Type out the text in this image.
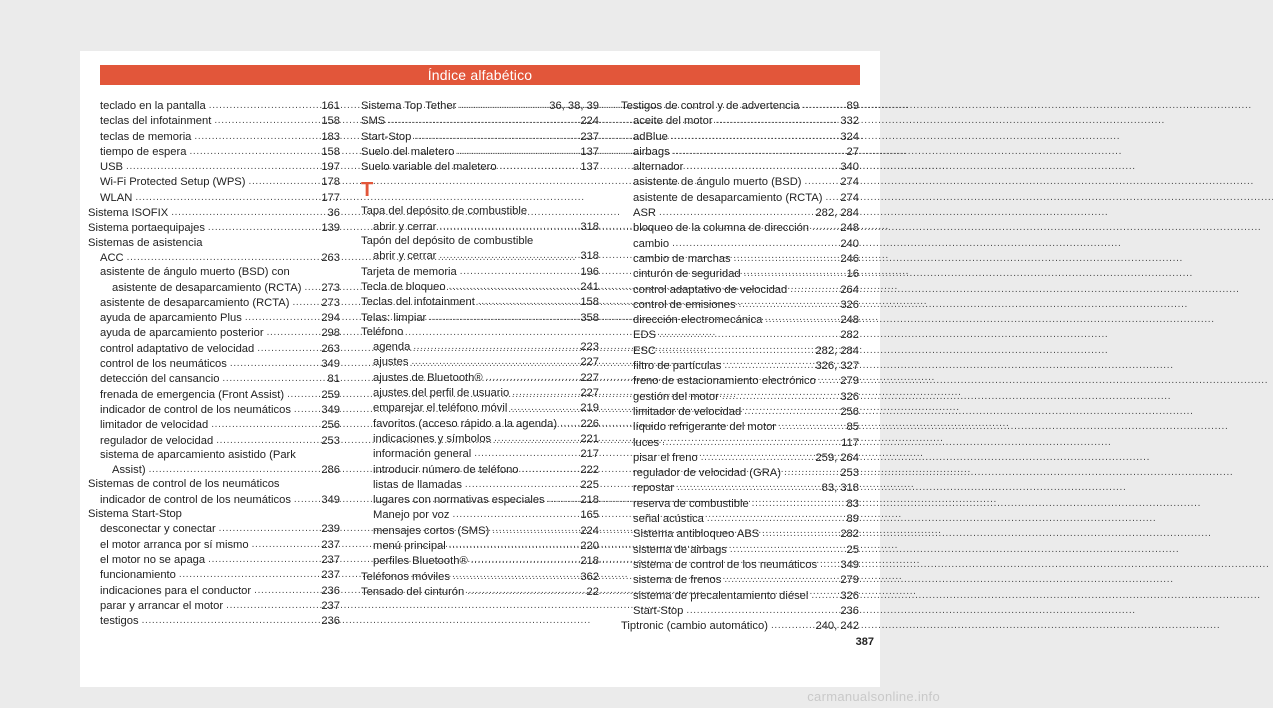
Índice alfabético
teclado en la pantalla . . .	161
teclas del infotainment . . .	158
teclas de memoria . . .	183
tiempo de espera . . .	158
USB . . .	197
Wi-Fi Protected Setup (WPS) . . .	178
WLAN . . .	177
Sistema ISOFIX . . .	36
Sistema portaequipajes . . .	139
Sistemas de asistencia
ACC . . .	263
asistente de ángulo muerto (BSD) con
asistente de desaparcamiento (RCTA) . . . 273
asistente de desaparcamiento (RCTA) . . .	273
ayuda de aparcamiento Plus . . .	294
ayuda de aparcamiento posterior . . .	298
control adaptativo de velocidad . . .	263
control de los neumáticos . . .	349
detección del cansancio . . .	81
frenada de emergencia (Front Assist) . . .	259
indicador de control de los neumáticos . . .	349
limitador de velocidad . . .	256
regulador de velocidad . . .	253
sistema de aparcamiento asistido (Park
Assist) . . .	286
Sistemas de control de los neumáticos
indicador de control de los neumáticos . . .	349
Sistema Start-Stop
desconectar y conectar . . .	239
el motor arranca por sí mismo . . .	237
el motor no se apaga . . .	237
funcionamiento . . .	237
indicaciones para el conductor . . .	236
parar y arrancar el motor . . .	237
testigos . . .	236
Sistema Top Tether . . .	36, 38, 39
SMS . . .	224
Start-Stop . . .	237
Suelo del maletero . . .	137
Suelo variable del maletero . . .	137
T
Tapa del depósito de combustible
abrir y cerrar . . .	318
Tapón del depósito de combustible
abrir y cerrar . . .	318
Tarjeta de memoria . . .	196
Tecla de bloqueo . . .	241
Teclas del infotainment . . .	158
Telas: limpiar . . .	358
Teléfono
agenda . . .	223
ajustes . . .	227
ajustes de Bluetooth® . . .	227
ajustes del perfil de usuario . . .	227
emparejar el teléfono móvil . . .	219
favoritos (acceso rápido a la agenda) . . . 226
indicaciones y símbolos . . .	221
información general . . .	217
introducir número de teléfono . . .	222
listas de llamadas . . .	225
lugares con normativas especiales . . .	218
Manejo por voz . . .	165
mensajes cortos (SMS) . . .	224
menú principal . . .	220
perfiles Bluetooth® . . .	218
Teléfonos móviles . . .	362
Tensado del cinturón . . .	22
Testigos de control y de advertencia . . .	89
aceite del motor . . .	332
adBlue . . .	324
airbags . . .	27
alternador . . .	340
asistente de ángulo muerto (BSD) . . .	274
asistente de desaparcamiento (RCTA) . . . 274
ASR . . .	282, 284
bloqueo de la columna de dirección . . .	248
cambio . . .	240
cambio de marchas . . .	246
cinturón de seguridad . . .	16
control adaptativo de velocidad . . .	264
control de emisiones . . .	326
dirección electromecánica . . .	248
EDS . . .	282
ESC . . .	282, 284
filtro de partículas . . .	326, 327
freno de estacionamiento electrónico . . . 279
gestión del motor . . .	326
limitador de velocidad . . .	256
líquido refrigerante del motor . . .	85
luces . . .	117
pisar el freno . . .	259, 264
regulador de velocidad (GRA) . . .	253
repostar . . .	83, 318
reserva de combustible . . .	83
señal acústica . . .	89
Sistema antibloqueo ABS . . .	282
sistema de airbags . . .	25
sistema de control de los neumáticos . . . 349
sistema de frenos . . .	279
sistema de precalentamiento diésel . . .	326
Start-Stop . . .	236
Tiptronic (cambio automático) . . .	240, 242
387
carmanualsonline.info
